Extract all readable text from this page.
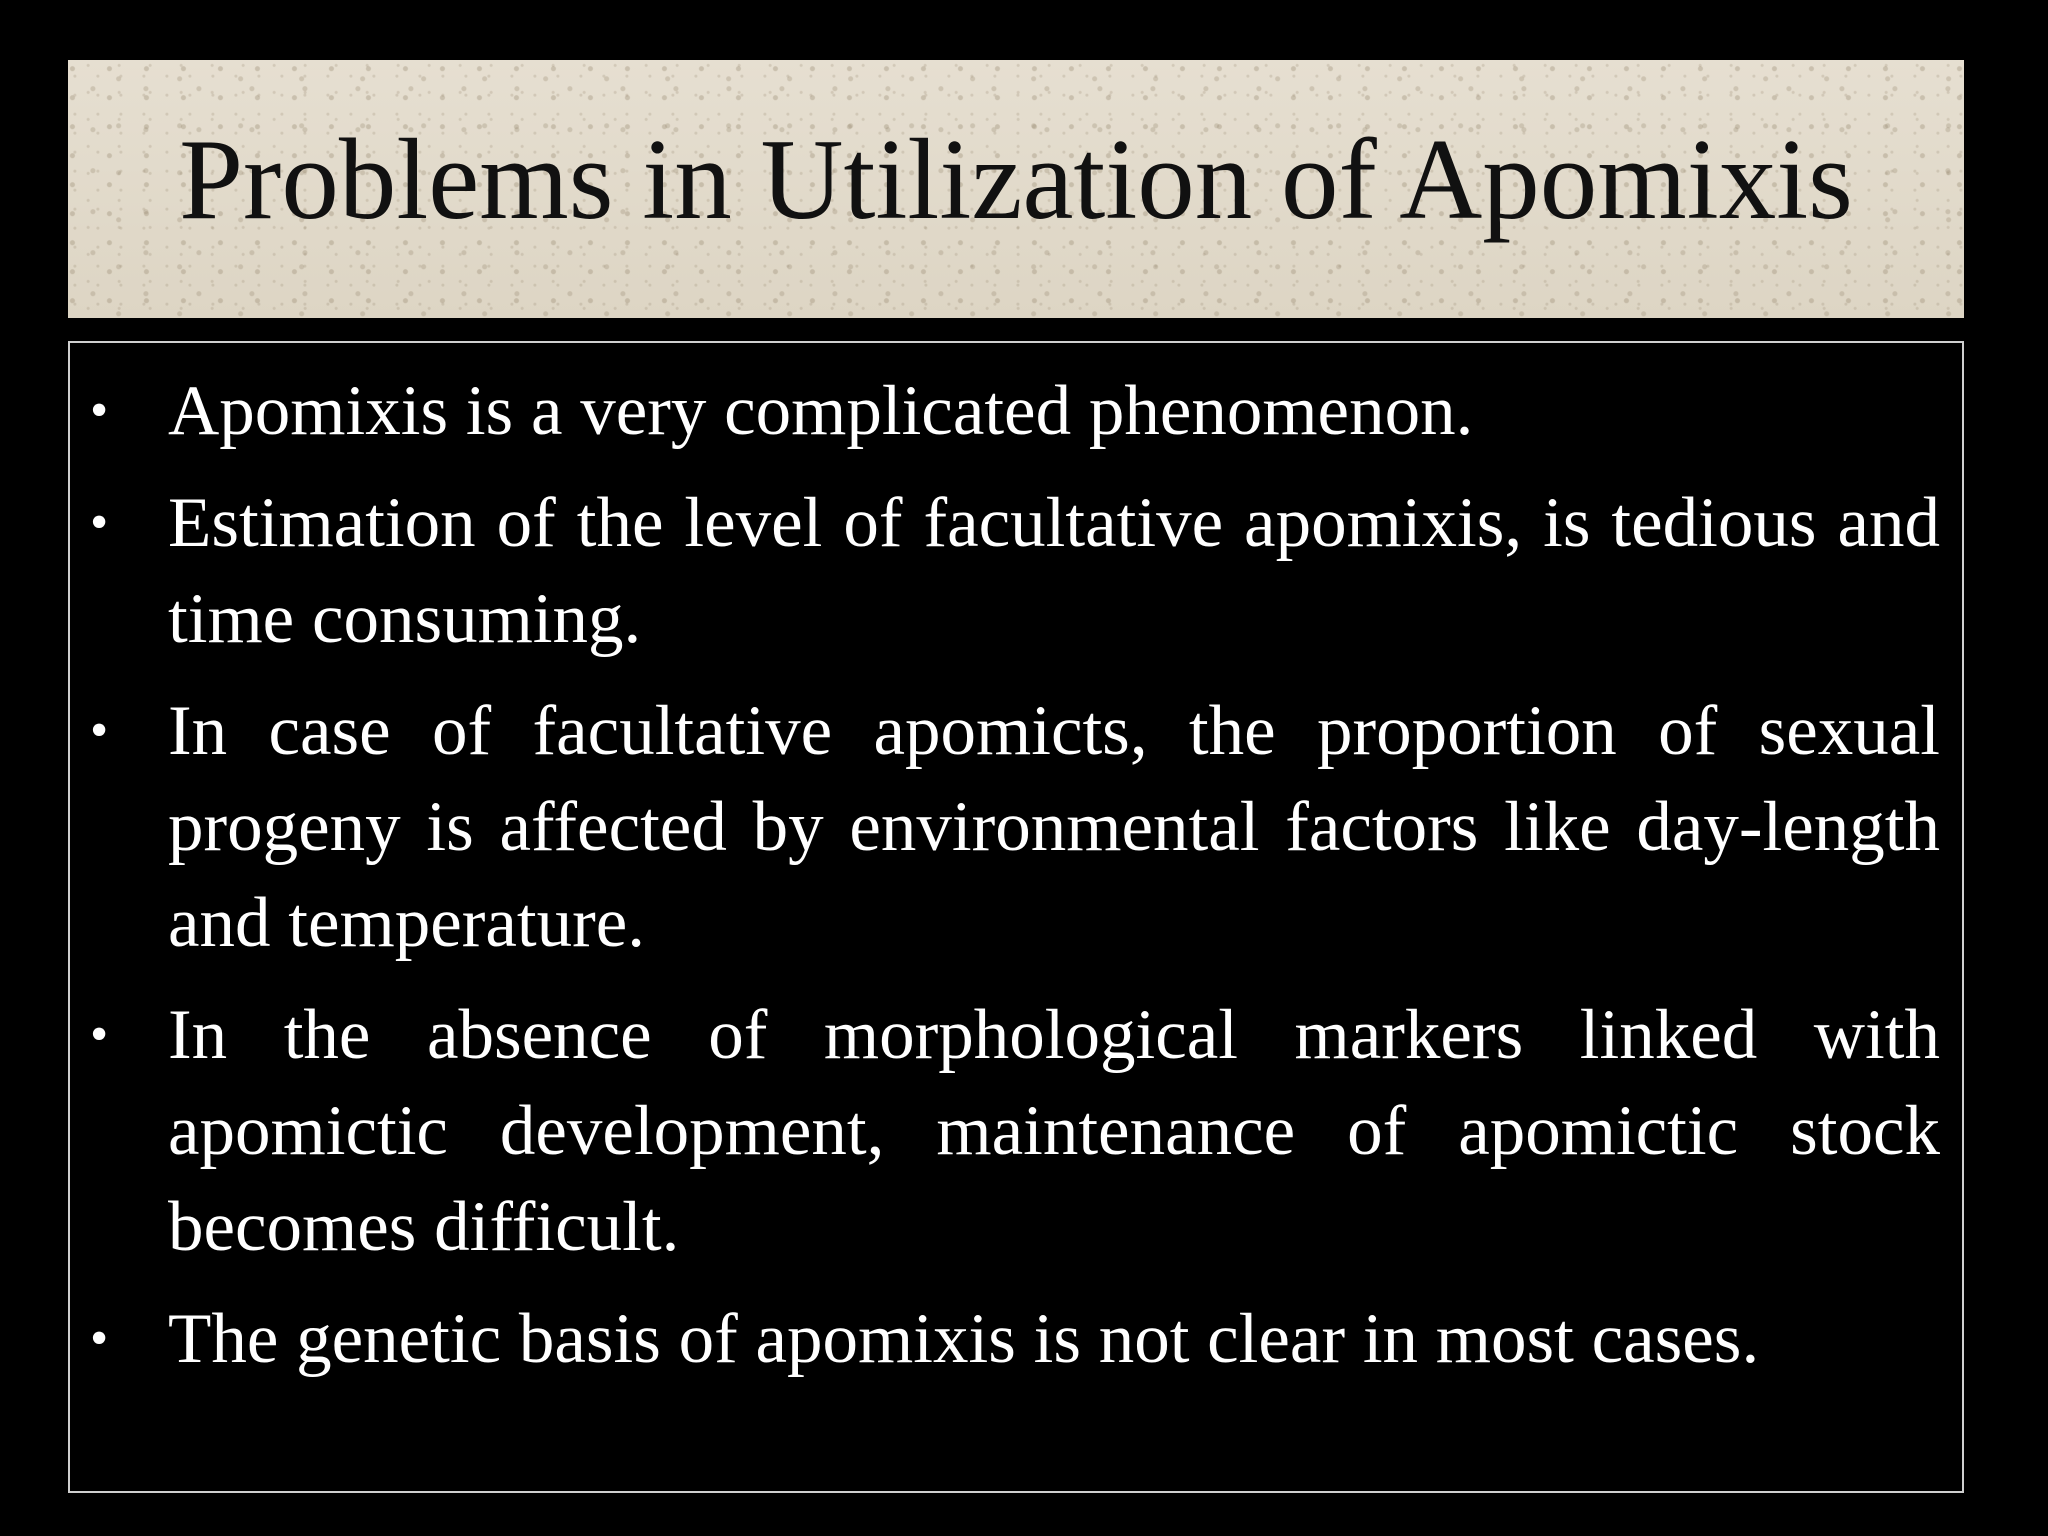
Problems in Utilization of Apomixis
• Apomixis is a very complicated phenomenon.
• Estimation of the level of facultative apomixis, is tedious and time consuming.
• In case of facultative apomicts, the proportion of sexual progeny is affected by environmental factors like day-length and temperature.
• In the absence of morphological markers linked with apomictic development, maintenance of apomictic stock becomes difficult.
• The genetic basis of apomixis is not clear in most cases.
